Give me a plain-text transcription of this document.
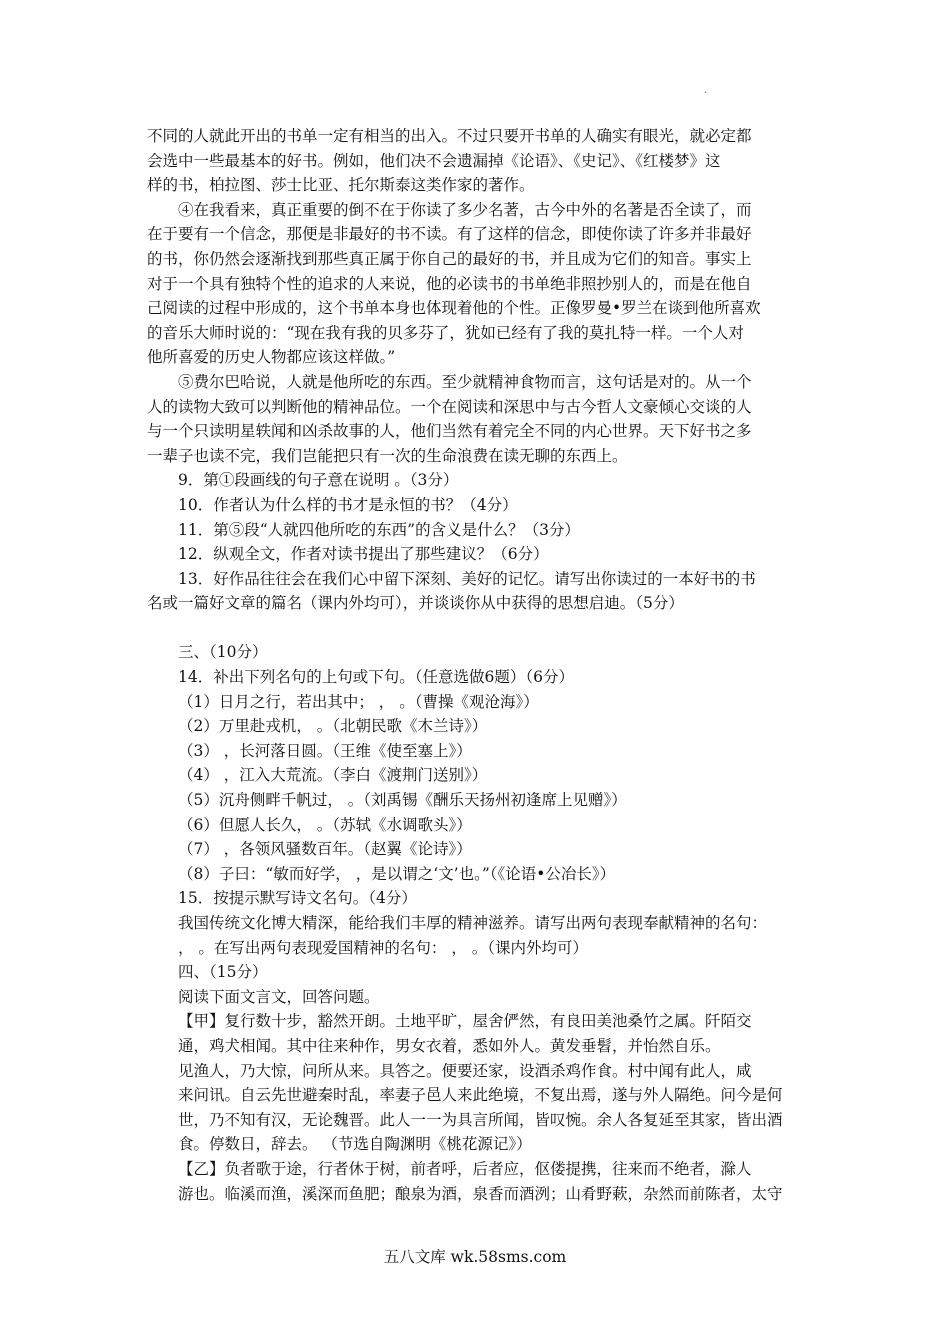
·
不同的人就此开出的书单一定有相当的出入。不过只要开书单的人确实有眼光，就必定都
会选中一些最基本的好书。例如，他们决不会遗漏掉《论语》、《史记》、《红楼梦》这
样的书，柏拉图、莎士比亚、托尔斯泰这类作家的著作。
④在我看来，真正重要的倒不在于你读了多少名著，古今中外的名著是否全读了，而
在于要有一个信念，那便是非最好的书不读。有了这样的信念，即使你读了许多并非最好
的书，你仍然会逐渐找到那些真正属于你自己的最好的书，并且成为它们的知音。事实上
对于一个具有独特个性的追求的人来说，他的必读书的书单绝非照抄别人的，而是在他自
己阅读的过程中形成的，这个书单本身也体现着他的个性。正像罗曼•罗兰在谈到他所喜欢
的音乐大师时说的：“现在我有我的贝多芬了，犹如已经有了我的莫扎特一样。一个人对
他所喜爱的历史人物都应该这样做。”
⑤费尔巴哈说，人就是他所吃的东西。至少就精神食物而言，这句话是对的。从一个
人的读物大致可以判断他的精神品位。一个在阅读和深思中与古今哲人文豪倾心交谈的人
与一个只读明星轶闻和凶杀故事的人，他们当然有着完全不同的内心世界。天下好书之多
一辈子也读不完，我们岂能把只有一次的生命浪费在读无聊的东西上。
9．第①段画线的句子意在说明 。（3分）
10．作者认为什么样的书才是永恒的书？（4分）
11．第⑤段“人就四他所吃的东西”的含义是什么？（3分）
12．纵观全文，作者对读书提出了那些建议？（6分）
13．好作品往往会在我们心中留下深刻、美好的记忆。请写出你读过的一本好书的书
名或一篇好文章的篇名（课内外均可），并谈谈你从中获得的思想启迪。（5分）
三、（10分）
14．补出下列名句的上句或下句。（任意选做6题）（6分）
（1）日月之行，若出其中； ， 。（曹操《观沧海》）
（2）万里赴戎机， 。（北朝民歌《木兰诗》）
（3） ，长河落日圆。（王维《使至塞上》）
（4） ，江入大荒流。（李白《渡荆门送别》）
（5）沉舟侧畔千帆过， 。（刘禹锡《酬乐天扬州初逢席上见赠》）
（6）但愿人长久， 。（苏轼《水调歌头》）
（7） ，各领风骚数百年。（赵翼《论诗》）
（8）子曰：“敏而好学， ，是以谓之‘文’也。”（《论语•公冶长》）
15．按提示默写诗文名句。（4分）
我国传统文化博大精深，能给我们丰厚的精神滋养。请写出两句表现奉献精神的名句：
， 。在写出两句表现爱国精神的名句： ， 。（课内外均可）
四、（15分）
阅读下面文言文，回答问题。
【甲】复行数十步，豁然开朗。土地平旷，屋舍俨然，有良田美池桑竹之属。阡陌交
通，鸡犬相闻。其中往来种作，男女衣着，悉如外人。黄发垂髫，并怡然自乐。
见渔人，乃大惊，问所从来。具答之。便要还家，设酒杀鸡作食。村中闻有此人，咸
来问讯。自云先世避秦时乱，率妻子邑人来此绝境，不复出焉，遂与外人隔绝。问今是何
世，乃不知有汉，无论魏晋。此人一一为具言所闻，皆叹惋。余人各复延至其家，皆出酒
食。停数日，辞去。 （节选自陶渊明《桃花源记》）
【乙】负者歌于途，行者休于树，前者呼，后者应，伛偻提携，往来而不绝者，滁人
游也。临溪而渔，溪深而鱼肥；酿泉为酒，泉香而酒洌；山肴野蔌，杂然而前陈者，太守
五八文库 wk.58sms.com
